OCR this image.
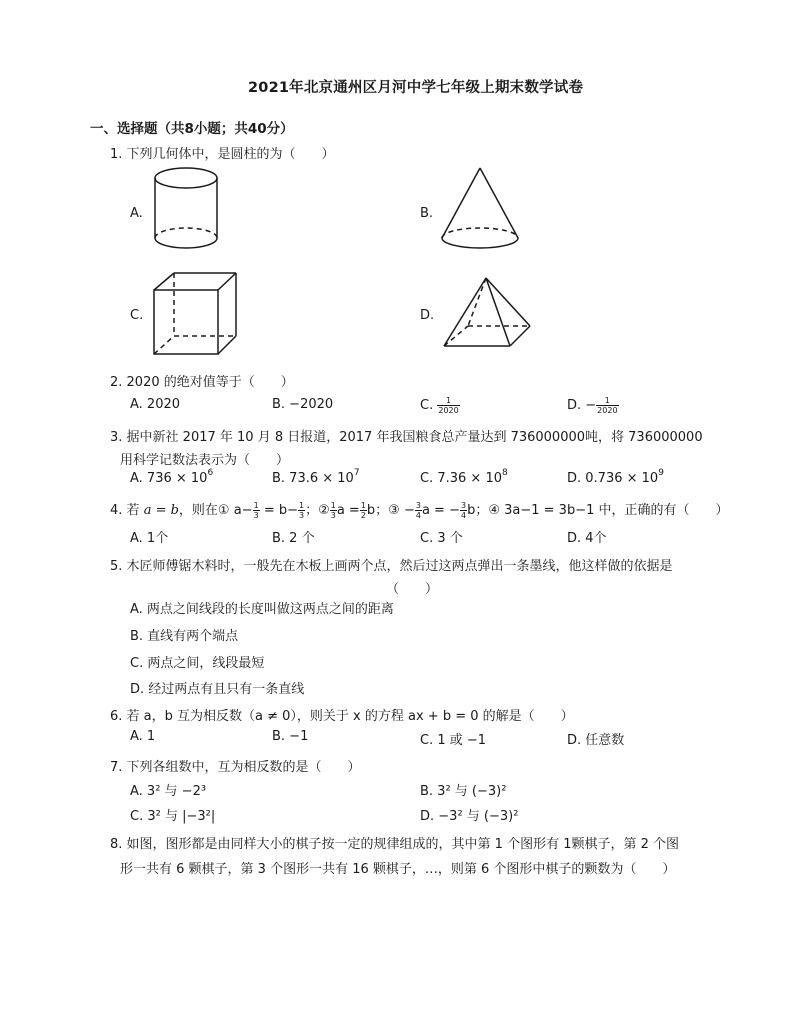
2021年北京通州区月河中学七年级上期末数学试卷
一、选择题（共8小题；共40分）
1. 下列几何体中，是圆柱的为（　　）
A.	B.
C.	D.
2. 2020 的绝对值等于（　　）
A. 2020	B. −2020	C. $\frac{1}{2020}$	D. − $\frac{1}{2020}$
3. 据中新社 2017 年 10 月 8 日报道，2017 年我国粮食总产量达到 736000000吨，将 736000000
用科学记数法表示为（　　）
A. $736 \times 10^6$	B. $73.6 \times 10^7$	C. $7.36 \times 10^8$	D. $0.736 \times 10^9$
4. 若 a = b，则在① $a- \frac{1}{3} = b- \frac{1}{3}$ ；② $\frac{1}{3}$ $a = \frac{1}{2}$ b；③ − $\frac{3}{4}$ a = − $\frac{3}{4}$ b；④ 3a−1 = 3b−1 中，正确的有（　　）
A. 1个	B. 2 个	C. 3 个	D. 4个
5. 木匠师傅锯木料时，一般先在木板上画两个点，然后过这两点弹出一条墨线，他这样做的依据是
（　　）
A. 两点之间线段的长度叫做这两点之间的距离
B. 直线有两个端点
C. 两点之间，线段最短
D. 经过两点有且只有一条直线
6. 若 a，b 互为相反数（a ≠ 0），则关于 x 的方程 ax + b = 0 的解是（　　）
A. 1	B. −1	C. 1 或 −1	D. 任意数
7. 下列各组数中，互为相反数的是（　　）
A. 3² 与 −2³	B. 3² 与 (−3)²
C. 3² 与 |−3²|	D. −3² 与 (−3)²
8. 如图，图形都是由同样大小的棋子按一定的规律组成的，其中第 1 个图形有 1颗棋子，第 2 个图
形一共有 6 颗棋子，第 3 个图形一共有 16 颗棋子，…，则第 6 个图形中棋子的颗数为（　　）
